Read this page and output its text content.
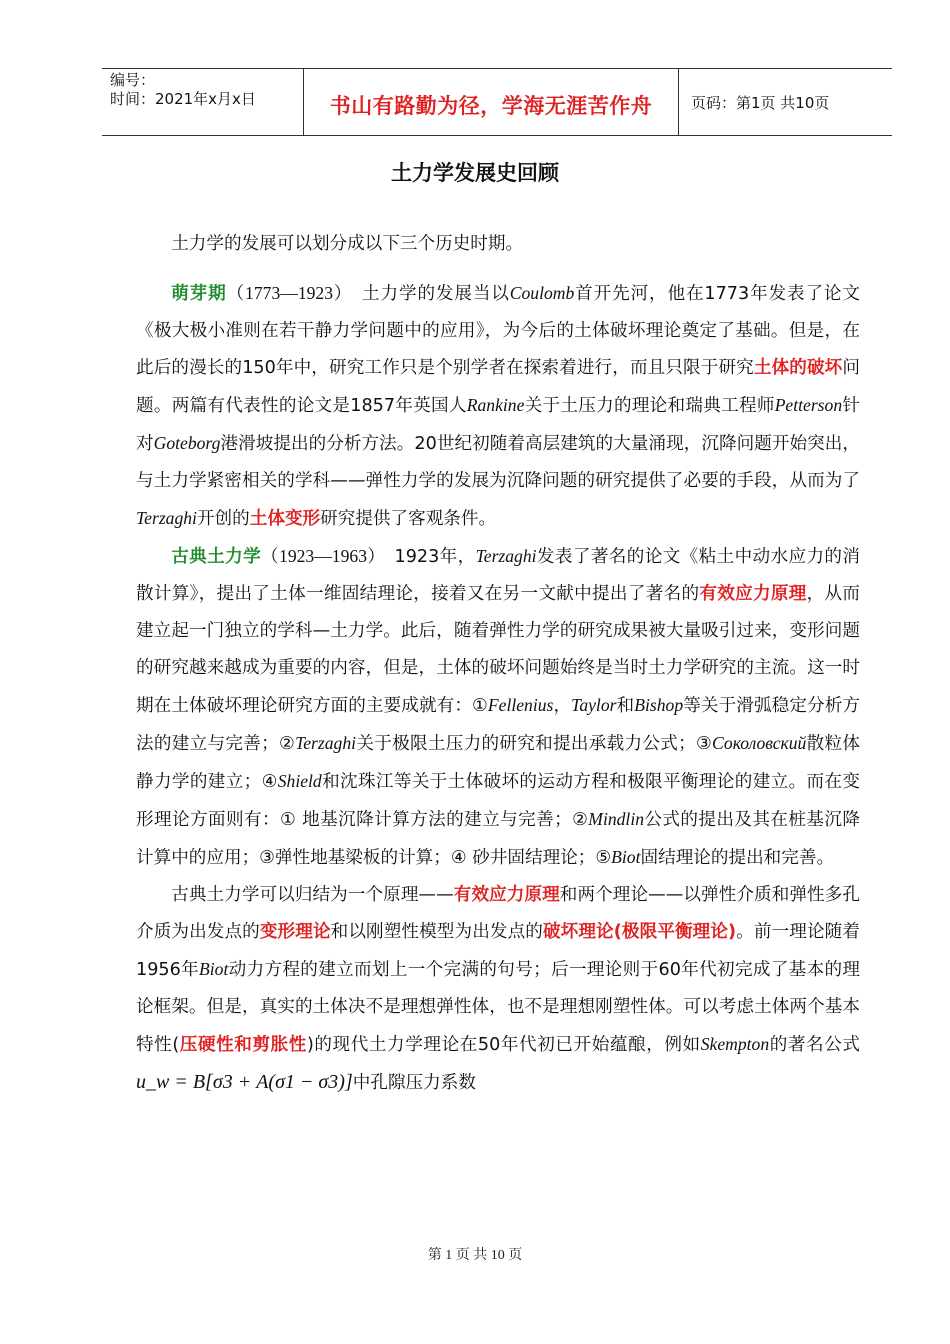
编号：
时间：2021年x月x日	书山有路勤为径，学海无涯苦作舟	页码：第1页 共10页
土力学发展史回顾

土力学的发展可以划分成以下三个历史时期。

萌芽期（1773—1923）　土力学的发展当以Coulomb首开先河，他在1773年发表了论文《极大极小准则在若干静力学问题中的应用》，为今后的土体破坏理论奠定了基础。但是，在此后的漫长的150年中，研究工作只是个别学者在探索着进行，而且只限于研究土体的破坏问题。两篇有代表性的论文是1857年英国人Rankine关于土压力的理论和瑞典工程师Petterson针对Goteborg港滑坡提出的分析方法。20世纪初随着高层建筑的大量涌现，沉降问题开始突出，与土力学紧密相关的学科——弹性力学的发展为沉降问题的研究提供了必要的手段，从而为了Terzaghi开创的土体变形研究提供了客观条件。

古典土力学（1923—1963）　1923年，Terzaghi发表了著名的论文《粘土中动水应力的消散计算》，提出了土体一维固结理论，接着又在另一文献中提出了著名的有效应力原理，从而建立起一门独立的学科—土力学。此后，随着弹性力学的研究成果被大量吸引过来，变形问题的研究越来越成为重要的内容，但是，土体的破坏问题始终是当时土力学研究的主流。这一时期在土体破坏理论研究方面的主要成就有：①Fellenius，Taylor和Bishop等关于滑弧稳定分析方法的建立与完善；②Terzaghi关于极限土压力的研究和提出承载力公式；③Соколовский散粒体静力学的建立；④Shield和沈珠江等关于土体破坏的运动方程和极限平衡理论的建立。而在变形理论方面则有：① 地基沉降计算方法的建立与完善；②Mindlin公式的提出及其在桩基沉降计算中的应用；③弹性地基梁板的计算；④ 砂井固结理论；⑤Biot固结理论的提出和完善。

古典土力学可以归结为一个原理——有效应力原理和两个理论——以弹性介质和弹性多孔介质为出发点的变形理论和以刚塑性模型为出发点的破坏理论(极限平衡理论)。前一理论随着1956年Biot动力方程的建立而划上一个完满的句号；后一理论则于60年代初完成了基本的理论框架。但是，真实的土体决不是理想弹性体，也不是理想刚塑性体。可以考虑土体两个基本特性(压硬性和剪胀性)的现代土力学理论在50年代初已开始蕴酿，例如Skempton的著名公式u_w = B[σ3 + A(σ1 − σ3)]中孔隙压力系数

第 1 页 共 10 页
